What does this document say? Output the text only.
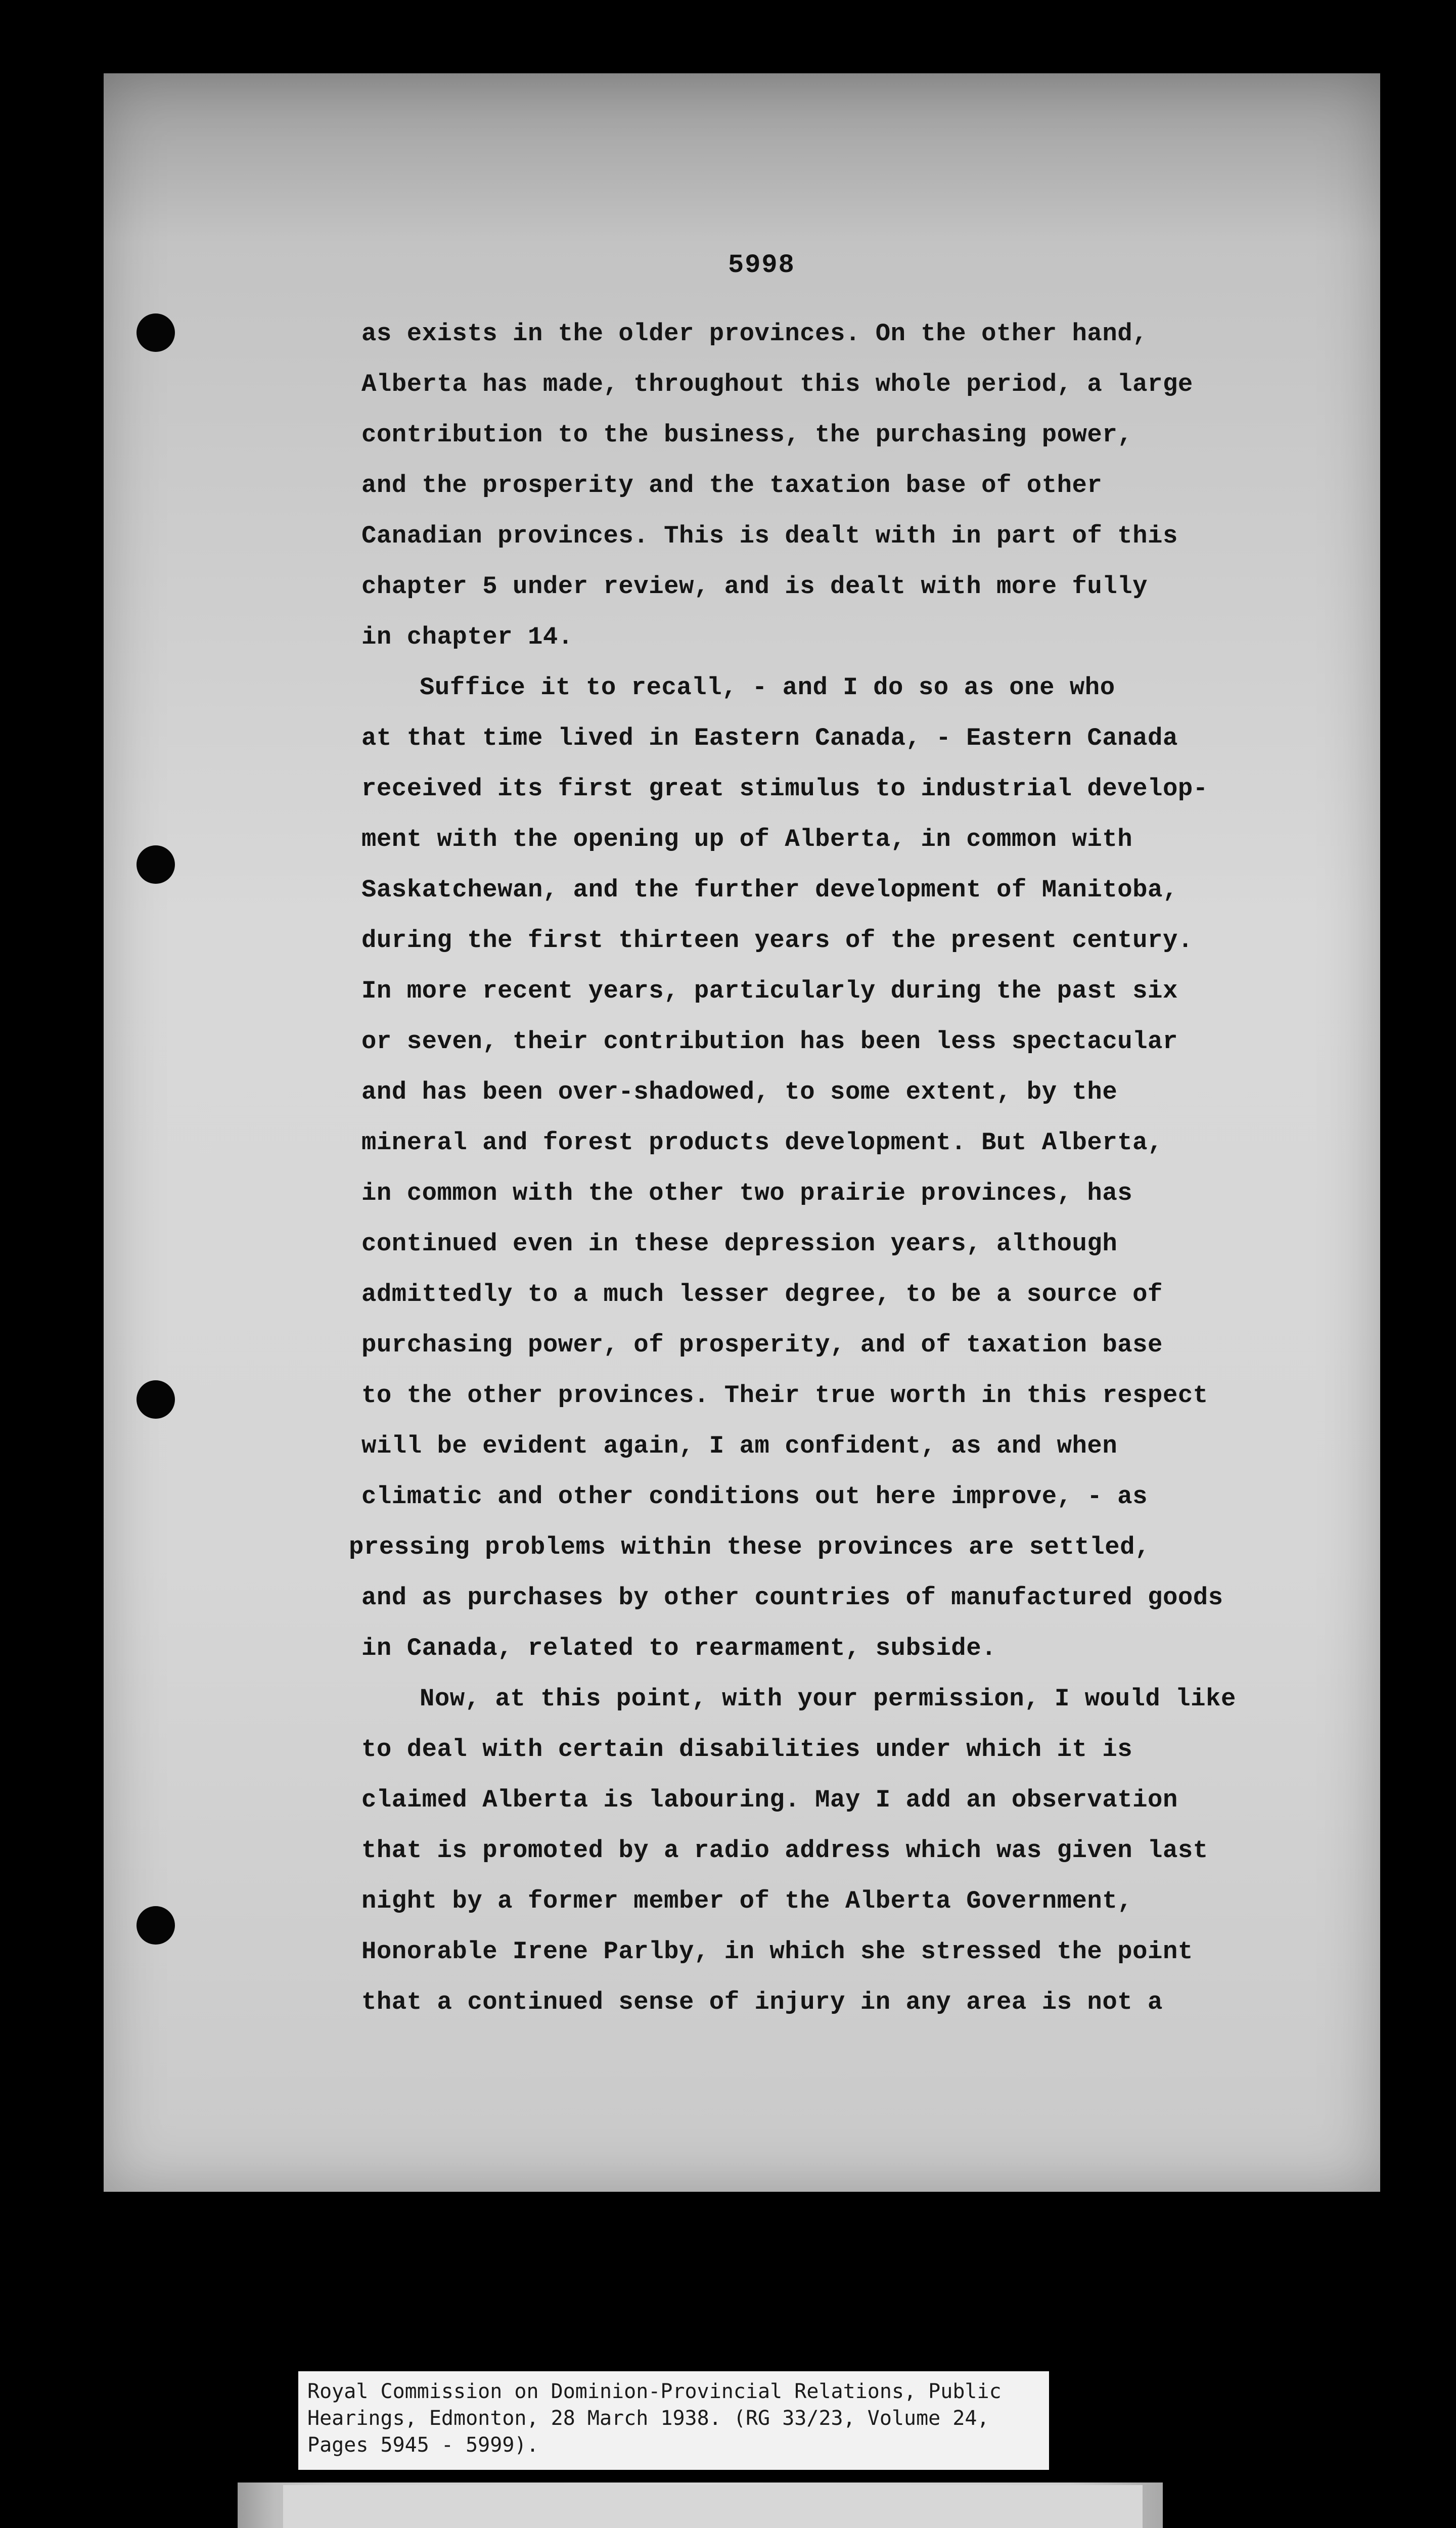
5998
as exists in the older provinces. On the other hand,
Alberta has made, throughout this whole period, a large
contribution to the business, the purchasing power,
and the prosperity and the taxation base of other
Canadian provinces. This is dealt with in part of this
chapter 5 under review, and is dealt with more fully
in chapter 14.
Suffice it to recall, - and I do so as one who
at that time lived in Eastern Canada, - Eastern Canada
received its first great stimulus to industrial develop-
ment with the opening up of Alberta, in common with
Saskatchewan, and the further development of Manitoba,
during the first thirteen years of the present century.
In more recent years, particularly during the past six
or seven, their contribution has been less spectacular
and has been over-shadowed, to some extent, by the
mineral and forest products development. But Alberta,
in common with the other two prairie provinces, has
continued even in these depression years, although
admittedly to a much lesser degree, to be a source of
purchasing power, of prosperity, and of taxation base
to the other provinces. Their true worth in this respect
will be evident again, I am confident, as and when
climatic and other conditions out here improve, - as
pressing problems within these provinces are settled,
and as purchases by other countries of manufactured goods
in Canada, related to rearmament, subside.
Now, at this point, with your permission, I would like
to deal with certain disabilities under which it is
claimed Alberta is labouring. May I add an observation
that is promoted by a radio address which was given last
night by a former member of the Alberta Government,
Honorable Irene Parlby, in which she stressed the point
that a continued sense of injury in any area is not a
Royal Commission on Dominion-Provincial Relations, Public
Hearings, Edmonton, 28 March 1938. (RG 33/23, Volume 24,
Pages 5945 - 5999).
